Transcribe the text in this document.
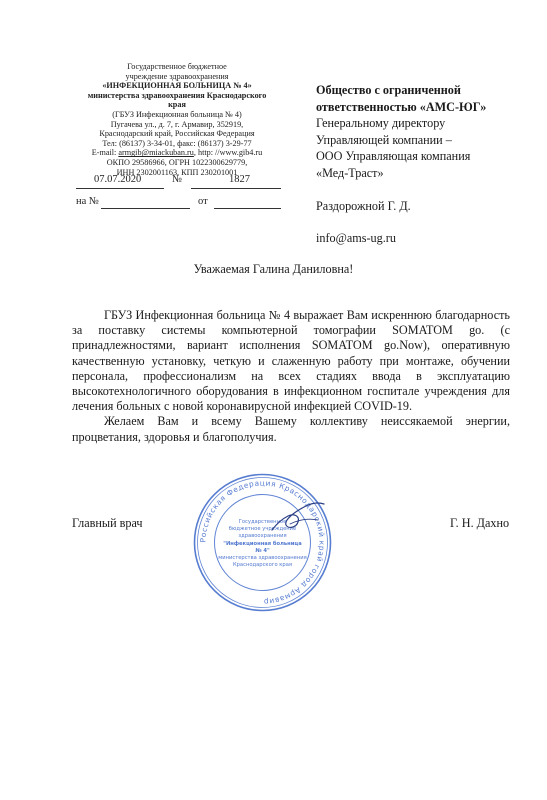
Государственное бюджетное
учреждение здравоохранения
«ИНФЕКЦИОННАЯ БОЛЬНИЦА № 4»
министерства здравоохранения Краснодарского края
(ГБУЗ Инфекционная больница № 4)
Пугачева ул., д. 7, г. Армавир, 352919,
Краснодарский край, Российская Федерация
Тел: (86137) 3-34-01, факс: (86137) 3-29-77
E-mail: armgib@miackuban.ru, http: //www.gib4.ru
ОКПО 29586966, ОГРН 1022300629779,
ИНН 2302001163, КПП 230201001
07.07.2020	№	1827
на №	от
Общество с ограниченной
ответственностью «АМС-ЮГ»
Генеральному директору
Управляющей компании –
ООО Управляющая компания
«Мед-Траст»
Раздорожной Г. Д.
info@ams-ug.ru
Уважаемая Галина Даниловна!

ГБУЗ Инфекционная больница № 4 выражает Вам искреннюю благодарность за поставку системы компьютерной томографии SOMATOM go. (с принадлежностями, вариант исполнения SOMATOM go.Now), оперативную качественную установку, четкую и слаженную работу при монтаже, обучении персонала, профессионализм на всех стадиях ввода в эксплуатацию высокотехнологичного оборудования в инфекционном госпитале учреждения для лечения больных с новой коронавирусной инфекцией COVID-19.

Желаем Вам и всему Вашему коллективу неиссякаемой энергии, процветания, здоровья и благополучия.

Российская Федерация Краснодарский край город Армавир
Государственное
бюджетное учреждение
здравоохранения
"Инфекционная больница
№ 4"
министерства здравоохранения
Краснодарского края
Главный врач	Г. Н. Дахно
